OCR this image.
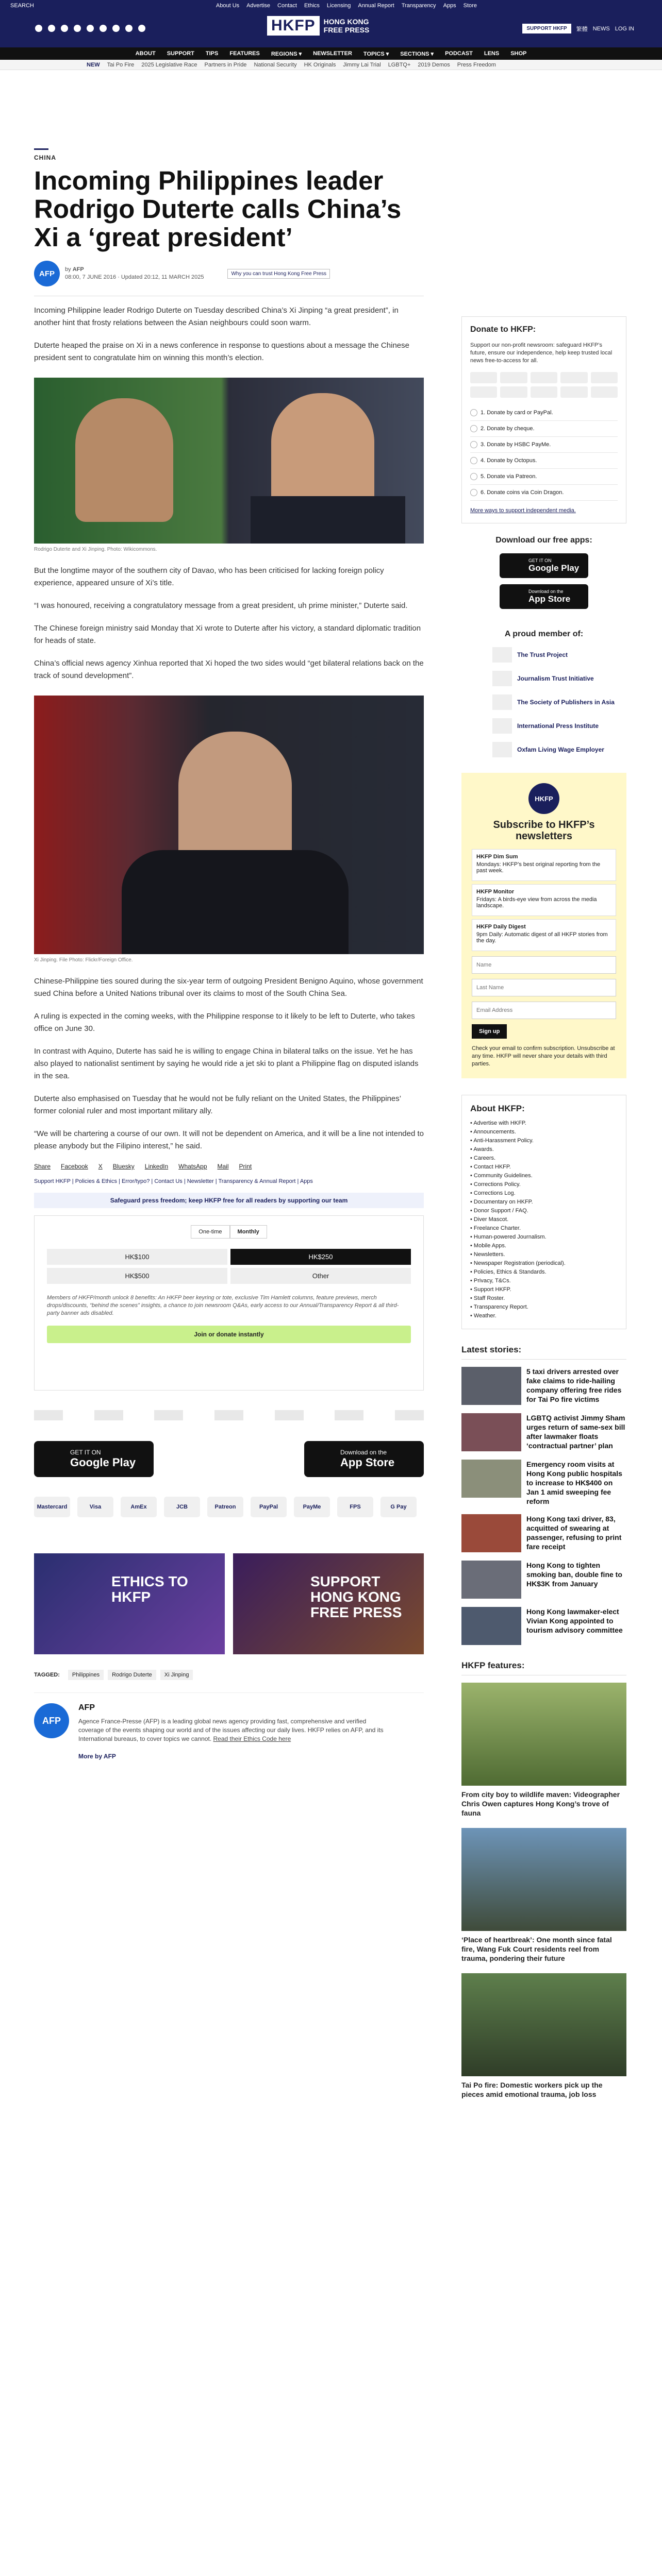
SEARCH	About Us Advertise Contact Ethics Licensing Annual Report Transparency Apps Store
HKFP	HONG KONG FREE PRESS	SUPPORT HKFP	繁體 NEWS LOG IN
ABOUT SUPPORT TIPS FEATURES REGIONS ▾ NEWSLETTER TOPICS ▾ SECTIONS ▾ PODCAST LENS SHOP
NEW Tai Po Fire 2025 Legislative Race Partners in Pride National Security HK Originals Jimmy Lai Trial LGBTQ+ 2019 Demos Press Freedom
CHINA
Incoming Philippines leader Rodrigo Duterte calls China’s Xi a ‘great president’
AFP	by AFP
08:00, 7 JUNE 2016 · Updated 20:12, 11 MARCH 2025
Why you can trust Hong Kong Free Press

Incoming Philippine leader Rodrigo Duterte on Tuesday described China’s Xi Jinping “a great president”, in another hint that frosty relations between the Asian neighbours could soon warm.

Duterte heaped the praise on Xi in a news conference in response to questions about a message the Chinese president sent to congratulate him on winning this month’s election.

Rodrigo Duterte and Xi Jinping. Photo: Wikicommons.

But the longtime mayor of the southern city of Davao, who has been criticised for lacking foreign policy experience, appeared unsure of Xi’s title.

“I was honoured, receiving a congratulatory message from a great president, uh prime minister,” Duterte said.

The Chinese foreign ministry said Monday that Xi wrote to Duterte after his victory, a standard diplomatic tradition for heads of state.

China’s official news agency Xinhua reported that Xi hoped the two sides would “get bilateral relations back on the track of sound development”.

Xi Jinping. File Photo: Flickr/Foreign Office.

Chinese-Philippine ties soured during the six-year term of outgoing President Benigno Aquino, whose government sued China before a United Nations tribunal over its claims to most of the South China Sea.

A ruling is expected in the coming weeks, with the Philippine response to it likely to be left to Duterte, who takes office on June 30.

In contrast with Aquino, Duterte has said he is willing to engage China in bilateral talks on the issue. Yet he has also played to nationalist sentiment by saying he would ride a jet ski to plant a Philippine flag on disputed islands in the sea.

Duterte also emphasised on Tuesday that he would not be fully reliant on the United States, the Philippines’ former colonial ruler and most important military ally.

“We will be chartering a course of our own. It will not be dependent on America, and it will be a line not intended to please anybody but the Filipino interest,” he said.

Share Facebook X Bluesky LinkedIn WhatsApp Mail Print
Support HKFP | Policies & Ethics | Error/typo? | Contact Us | Newsletter | Transparency & Annual Report | Apps
Safeguard press freedom; keep HKFP free for all readers by supporting our team
One-time	Monthly
HK$100	HK$250
HK$500	Other
Members of HKFP/month unlock 8 benefits: An HKFP beer keyring or tote, exclusive Tim Hamlett columns, feature previews, merch drops/discounts, “behind the scenes” insights, a chance to join newsroom Q&As, early access to our Annual/Transparency Report & all third-party banner ads disabled.
Join or donate instantly
GET IT ON
Google Play
Download on the
App Store
Mastercard	Visa	AmEx	JCB	Patreon	PayPal	PayMe	FPS	G Pay
ETHICS TO HKFP
SUPPORT HONG KONG FREE PRESS
TAGGED:	Philippines	Rodrigo Duterte	Xi Jinping
AFP
AFP
Agence France-Presse (AFP) is a leading global news agency providing fast, comprehensive and verified coverage of the events shaping our world and of the issues affecting our daily lives. HKFP relies on AFP, and its International bureaus, to cover topics we cannot. Read their Ethics Code here

More by AFP
Donate to HKFP:

Support our non-profit newsroom: safeguard HKFP’s future, ensure our independence, help keep trusted local news free-to-access for all.

1. Donate by card or PayPal.
2. Donate by cheque.
3. Donate by HSBC PayMe.
4. Donate by Octopus.
5. Donate via Patreon.
6. Donate coins via Coin Dragon.

More ways to support independent media.

Download our free apps:
GET IT ON
Google Play
Download on the
App Store
A proud member of:
The Trust Project
Journalism Trust Initiative
The Society of Publishers in Asia
International Press Institute
Oxfam Living Wage Employer
HKFP
Subscribe to HKFP’s newsletters
HKFP Dim Sum
Mondays: HKFP’s best original reporting from the past week.
HKFP Monitor
Fridays: A birds-eye view from across the media landscape.
HKFP Daily Digest
9pm Daily: Automatic digest of all HKFP stories from the day.
Name
Last Name
Email Address Sign up

Check your email to confirm subscription. Unsubscribe at any time. HKFP will never share your details with third parties.

About HKFP:
• Advertise with HKFP.
• Announcements.
• Anti-Harassment Policy.
• Awards.
• Careers.
• Contact HKFP.
• Community Guidelines.
• Corrections Policy.
• Corrections Log.
• Documentary on HKFP.
• Donor Support / FAQ.
• Diver Mascot.
• Freelance Charter.
• Human-powered Journalism.
• Mobile Apps.
• Newsletters.
• Newspaper Registration (periodical).
• Policies, Ethics & Standards.
• Privacy, T&Cs.
• Support HKFP.
• Staff Roster.
• Transparency Report.
• Weather.
Latest stories:
5 taxi drivers arrested over fake claims to ride-hailing company offering free rides for Tai Po fire victims
LGBTQ activist Jimmy Sham urges return of same-sex bill after lawmaker floats ‘contractual partner’ plan
Emergency room visits at Hong Kong public hospitals to increase to HK$400 on Jan 1 amid sweeping fee reform
Hong Kong taxi driver, 83, acquitted of swearing at passenger, refusing to print fare receipt
Hong Kong to tighten smoking ban, double fine to HK$3K from January
Hong Kong lawmaker-elect Vivian Kong appointed to tourism advisory committee
HKFP features:
From city boy to wildlife maven: Videographer Chris Owen captures Hong Kong’s trove of fauna
‘Place of heartbreak’: One month since fatal fire, Wang Fuk Court residents reel from trauma, pondering their future
Tai Po fire: Domestic workers pick up the pieces amid emotional trauma, job loss
